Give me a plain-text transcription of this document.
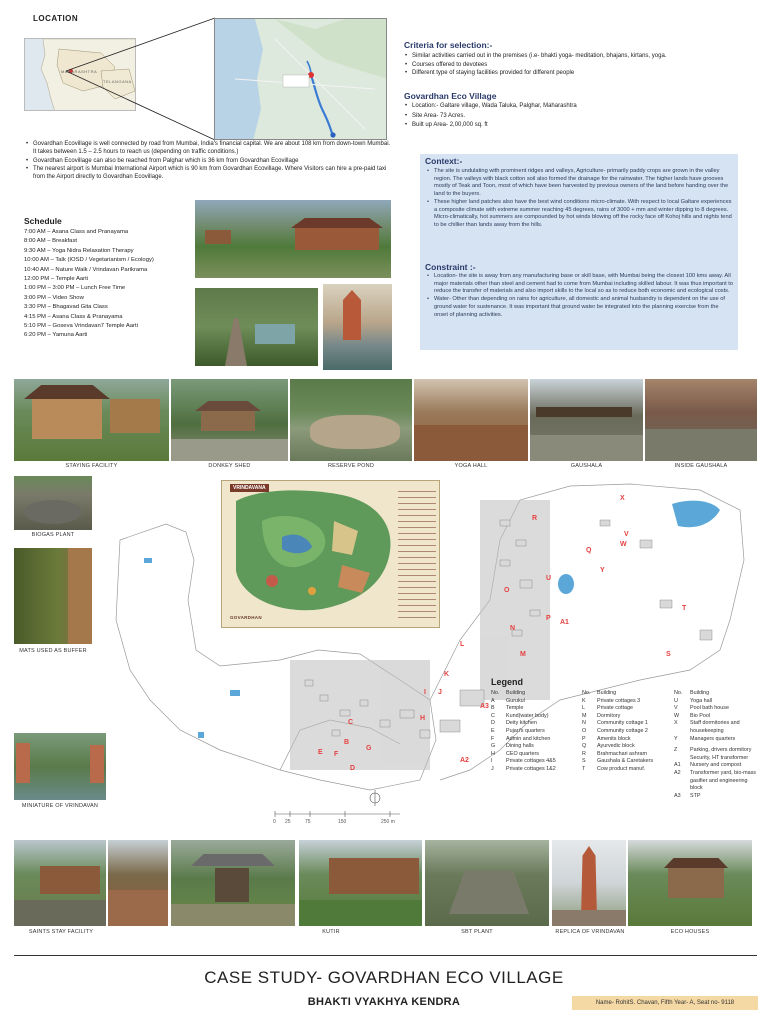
LOCATION
MAHARASHTRA
TELANGANA
• Govardhan Ecovillage is well connected by road from Mumbai, India's financial capital. We are about 108 km from down-town Mumbai. It takes between 1.5 – 2.5 hours to reach us (depending on traffic conditions.)
• Govardhan Ecovillage can also be reached from Palghar which is 36 km from Govardhan Ecovillage
• The nearest airport is Mumbai International Airport which is 90 km from Govardhan Ecovillage. Where Visitors can hire a pre-paid taxi from the Airport directly to Govardhan Ecovillage.
Criteria for selection:-
• Similar activities carried out in the premises (i.e- bhakti yoga- meditation, bhajans, kirtans, yoga.
• Courses offered to devotees
• Different type of staying facilities provided for different people
Govardhan Eco Village
• Location:- Galtare village, Wada Taluka, Palghar, Maharashtra
• Site Area- 73 Acres.
• Built up Area- 2,00,000 sq. ft
Schedule
7:00 AM – Asana Class and Pranayama
8:00 AM – Breakfast
9:30 AM – Yoga Nidra Relaxation Therapy
10:00 AM – Talk (IOSD / Vegetarianism / Ecology)
10:40 AM – Nature Walk / Vrindavan Parikrama
12:00 PM – Temple Aarti
1:00 PM – 3:00 PM – Lunch Free Time
3:00 PM – Video Show
3:30 PM – Bhagavad Gita Class
4:15 PM – Asana Class & Pranayama
5:10 PM – Goseva Vrindavan7 Temple Aarti
6:20 PM – Yamuna Aarti
Context:-
• The site is undulating with prominent ridges and valleys, Agriculture- primarily paddy crops are grown in the valley region. The valleys with black cotton soil also formed the drainage for the rainwater. The higher lands have grooves mostly of Teak and Toon, most of which have been harvested by previous owners of the land before handing over the land to the buyers.
• These higher land patches also have the best wind conditions micro-climate. With respect to local Galtare experiences a composite climate with extreme summer reaching 45 degrees, rains of 3000 + mm and winter dipping to 8 degrees. Micro-climatically, hot summers are compounded by hot winds blowing off the rocky face off Kohoj hills and nights tend to be chillier than lands away from the hills.
Constraint :-
• Location- the site is away from any manufacturing base or skill base, with Mumbai being the closest 100 kms away. All major materials other than steel and cement had to come from Mumbai including skilled labour. It was thus important to reduce the transfer of materials and also import skills to the local so as to reduce both economic and ecological costs.
• Water- Other than depending on rains for agriculture, all domestic and animal husbandry is dependent on the use of ground water for sustenance. It was important that ground water be integrated into the planning exercise from the onset of planning activities.
STAYING FACILITY	DONKEY SHED	RESERVE POND	YOGA HALL	GAUSHALA	INSIDE GAUSHALA
BIOGAS PLANT
MATS USED AS BUFFER
MINIATURE OF VRINDAVAN
VRINDAVANA
GOVARDHAN
A3
A1
A2
H
I J
K
L
M
N
O
P
Q
R
S
T
U
V
W
X
Y
E F
B
C
D
G
0 25	75	150	250 m
Legend
No.	Building
A	Gurukul
B	Temple
C	Kund(water body)
D	Deity kitchen
E	Pujari's quarters
F	Admin and kitchen
G	Dining halls
H	CEO quarters
I	Private cottages 4&5
J	Private cottages 1&2
No.	Building
K	Private cottages 3
L	Private cottage
M	Dormitory
N	Community cottage 1
O	Community cottage 2
P	Amenits block
Q	Ayurvedic block
R	Brahmachari ashram
S	Gaushala & Caretakers
T	Cow product manuf.
No.	Building
U	Yoga hall
V	Pool bath house
W	Bio Pool
X	Staff dormitories and housekeeping
Y	Managers quarters
Z	Parking, drivers dormitory Security, HT transformer
A1	Nursery and compost
A2	Transformer yard, bio-mass gasifier and engineering block
A3	STP
SAINTS STAY FACILITY	KUTIR	SBT PLANT	REPLICA OF VRINDAVAN	ECO HOUSES
CASE STUDY- GOVARDHAN ECO VILLAGE
BHAKTI VYAKHYA KENDRA	Name- RohitS. Chavan, Fifth Year- A, Seat no- 9118
